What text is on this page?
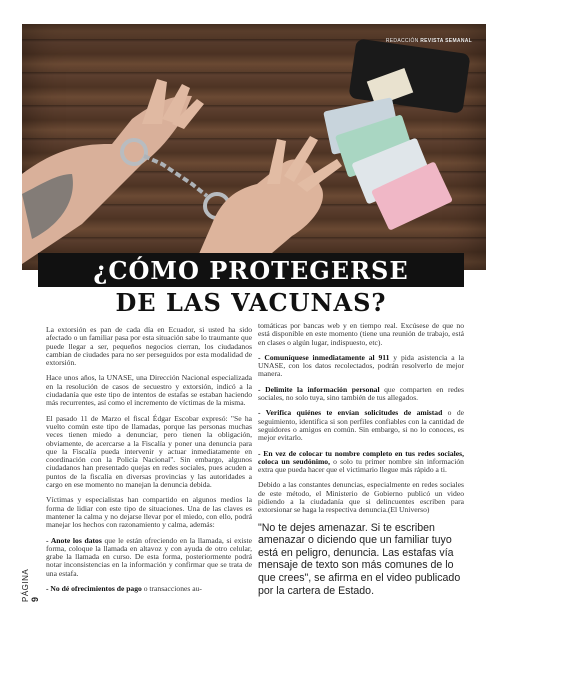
REDACCIÓN REVISTA SEMANAL
¿CÓMO PROTEGERSE
DE LAS VACUNAS?

La extorsión es pan de cada día en Ecuador, si usted ha sido afectado o un familiar pasa por esta situación sabe lo traumante que puede llegar a ser, pequeños negocios cierran, los ciudadanos cambian de ciudades para no ser perseguidos por esta modalidad de extorsión.

Hace unos años, la UNASE, una Dirección Nacional especializada en la resolución de casos de secuestro y extorsión, indicó a la ciudadanía que este tipo de intentos de estafas se estaban haciendo más recurrentes, así como el incremento de víctimas de la misma.

El pasado 11 de Marzo el fiscal Édgar Escobar expresó: "Se ha vuelto común este tipo de llamadas, porque las personas muchas veces tienen miedo a denunciar, pero tienen la obligación, obviamente, de acercarse a la Fiscalía y poner una denuncia para que la Fiscalía pueda intervenir y actuar inmediatamente en coordinación con la Policía Nacional". Sin embargo, algunos ciudadanos han presentado quejas en redes sociales, pues acuden a puntos de la fiscalía en diversas provincias y las autoridades a cargo en ese momento no manejan la denuncia debida.

Víctimas y especialistas han compartido en algunos medios la forma de lidiar con este tipo de situaciones. Una de las claves es mantener la calma y no dejarse llevar por el miedo, con ello, podrá manejar los hechos con razonamiento y calma, además:

- Anote los datos que le están ofreciendo en la llamada, si existe forma, coloque la llamada en altavoz y con ayuda de otro celular, grabe la llamada en curso. De esta forma, posteriormente podrá notar inconsistencias en la información y confirmar que se trata de una estafa.

- No dé ofrecimientos de pago o transacciones au-

tomáticas por bancas web y en tiempo real. Excúsese de que no está disponible en este momento (tiene una reunión de trabajo, está en clases o algún lugar, indispuesto, etc).

- Comuníquese inmediatamente al 911 y pida asistencia a la UNASE, con los datos recolectados, podrán resolverlo de mejor manera.

- Delimite la información personal que comparten en redes sociales, no solo tuya, sino también de tus allegados.

- Verifica quiénes te envían solicitudes de amistad o de seguimiento, identifica si son perfiles confiables con la cantidad de seguidores o amigos en común. Sin embargo, si no lo conoces, es mejor evitarlo.

- En vez de colocar tu nombre completo en tus redes sociales, coloca un seudónimo, o solo tu primer nombre sin información extra que pueda hacer que el victimario llegue más rápido a ti.

Debido a las constantes denuncias, especialmente en redes sociales de este método, el Ministerio de Gobierno publicó un video pidiendo a la ciudadanía que si delincuentes escriben para extorsionar se haga la respectiva denuncia.(El Universo)

"No te dejes amenazar. Si te escriben amenazar o diciendo que un familiar tuyo está en peligro, denuncia. Las estafas vía mensaje de texto son más comunes de lo que crees", se afirma en el video publicado por la cartera de Estado.

PÁGINA 9
